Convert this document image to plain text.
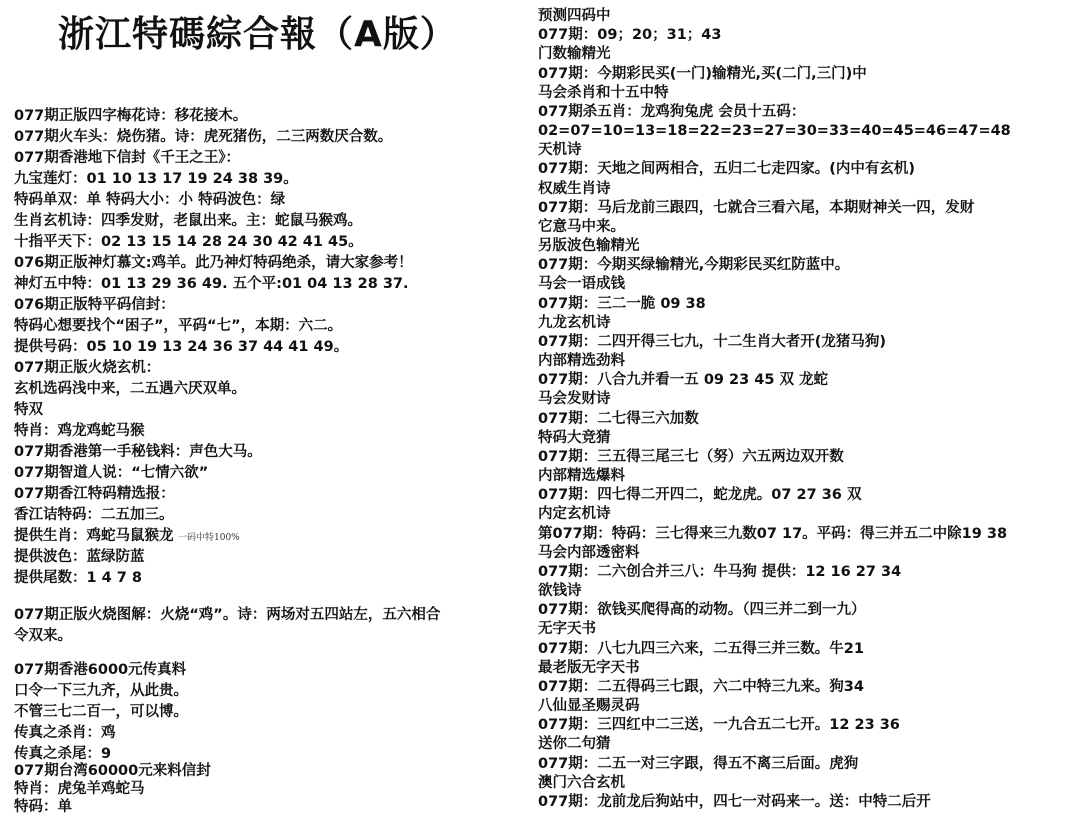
浙江特碼綜合報（A版）
077期正版四字梅花诗：移花接木。
077期火车头：烧伤猪。诗：虎死猪伤，二三两数厌合数。
077期香港地下信封《千王之王》：
九宝莲灯：01 10 13 17 19 24 38 39。
特码单双：单 特码大小：小 特码波色：绿
生肖玄机诗：四季发财，老鼠出来。主：蛇鼠马猴鸡。
十指平天下：02 13 15 14 28 24 30 42 41 45。
076期正版神灯慕文:鸡羊。此乃神灯特码绝杀，请大家参考！
神灯五中特：01 13 29 36 49. 五个平:01 04 13 28 37.
076期正版特平码信封：
特码心想要找个“困子”，平码“七”，本期：六二。
提供号码：05 10 19 13 24 36 37 44 41 49。
077期正版火烧玄机：
玄机选码浅中来，二五遇六厌双单。
特双
特肖：鸡龙鸡蛇马猴
077期香港第一手秘钱料：声色大马。
077期智道人说：“七情六欲”
077期香江特码精选报：
香江诘特码：二五加三。
提供生肖：鸡蛇马鼠猴龙
提供波色：蓝绿防蓝
提供尾数：1 4 7 8
077期正版火烧图解：火烧“鸡”。诗：两场对五四站左，五六相合
令双来。
077期香港6000元传真料
口令一下三九齐，从此贵。
不管三七二百一，可以博。
传真之杀肖：鸡
传真之杀尾：9
077期台湾60000元来料信封
特肖：虎兔羊鸡蛇马
特码：单
一码中特100%
预测四码中
077期：09；20；31；43
门数输精光
077期：今期彩民买(一门)输精光,买(二门,三门)中
马会杀肖和十五中特
077期杀五肖：龙鸡狗兔虎 会员十五码：
02=07=10=13=18=22=23=27=30=33=40=45=46=47=48
天机诗
077期：天地之间两相合，五归二七走四家。(内中有玄机)
权威生肖诗
077期：马后龙前三跟四，七就合三看六尾，本期财神关一四，发财
它意马中来。
另版波色输精光
077期：今期买绿输精光,今期彩民买红防蓝中。
马会一语成钱
077期：三二一脆 09 38
九龙玄机诗
077期：二四开得三七九，十二生肖大者开(龙猪马狗)
内部精选劲料
077期：八合九并看一五 09 23 45 双 龙蛇
马会发财诗
077期：二七得三六加数
特码大竞猜
077期：三五得三尾三七（努）六五两边双开数
内部精选爆料
077期：四七得二开四二，蛇龙虎。07 27 36 双
内定玄机诗
第077期：特码：三七得来三九数07 17。平码：得三并五二中除19 38
马会内部透密料
077期：二六创合并三八：牛马狗 提供：12 16 27 34
欲钱诗
077期：欲钱买爬得高的动物。（四三并二到一九）
无字天书
077期：八七九四三六来，二五得三并三数。牛21
最老版无字天书
077期：二五得码三七跟，六二中特三九来。狗34
八仙显圣赐灵码
077期：三四红中二三送，一九合五二七开。12 23 36
送你二句猜
077期：二五一对三字跟，得五不离三后面。虎狗
澳门六合玄机
077期：龙前龙后狗站中，四七一对码来一。送：中特二后开
